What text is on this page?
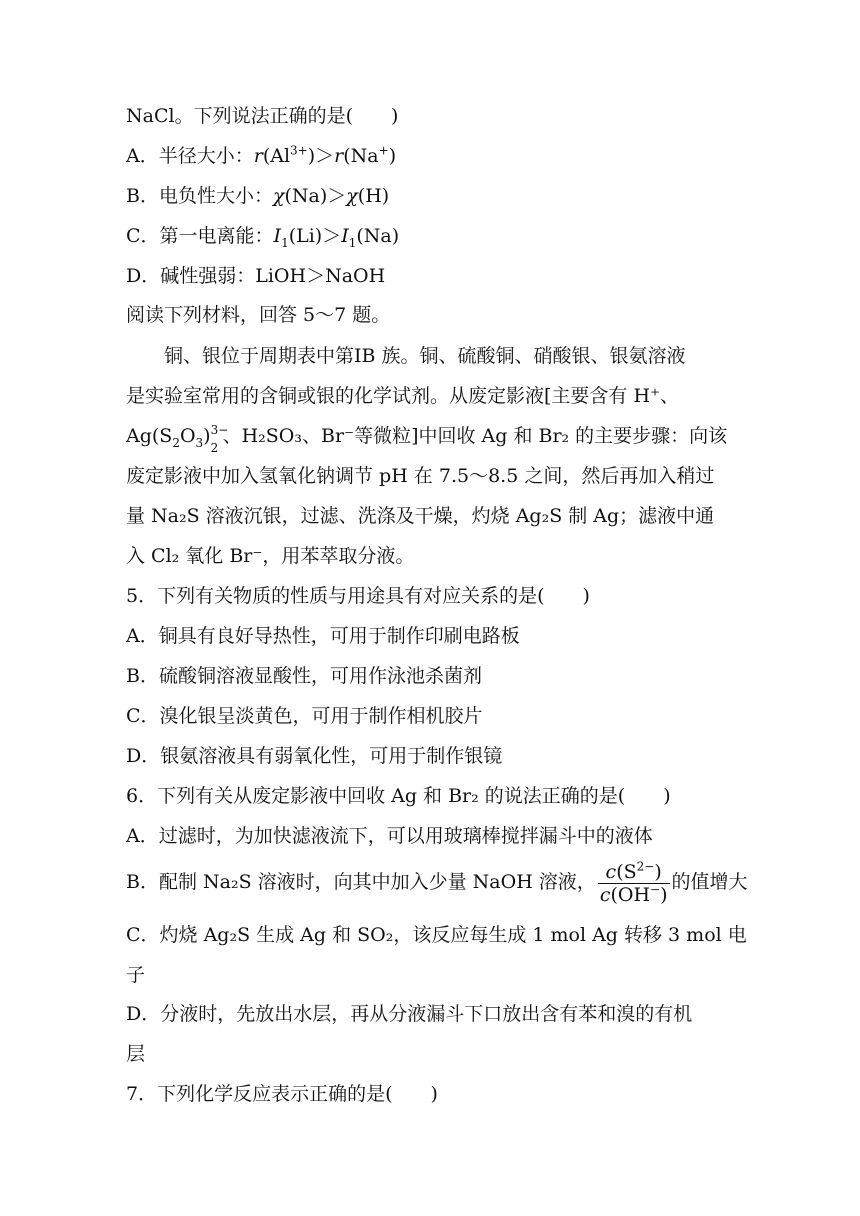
NaCl。下列说法正确的是(　　)
A．半径大小：$r(Al^{3+})>r(Na^+)$
B．电负性大小：χ(Na)＞χ(H)
C．第一电离能：$I_1(Li)>I_1(Na)$
D．碱性强弱：LiOH＞NaOH
阅读下列材料，回答 5～7 题。
铜、银位于周期表中第ⅠB 族。铜、硫酸铜、硝酸银、银氨溶液
是实验室常用的含铜或银的化学试剂。从废定影液[主要含有 H⁺、
$Ag(S_2O_3)$ 3−
2
、H₂SO₃、Br⁻等微粒]中回收 Ag 和 Br₂ 的主要步骤：向该
废定影液中加入氢氧化钠调节 pH 在 7.5～8.5 之间，然后再加入稍过
量 Na₂S 溶液沉银，过滤、洗涤及干燥，灼烧 Ag₂S 制 Ag；滤液中通
入 Cl₂ 氧化 Br⁻，用苯萃取分液。
5．下列有关物质的性质与用途具有对应关系的是(　　)
A．铜具有良好导热性，可用于制作印刷电路板
B．硫酸铜溶液显酸性，可用作泳池杀菌剂
C．溴化银呈淡黄色，可用于制作相机胶片
D．银氨溶液具有弱氧化性，可用于制作银镜
6．下列有关从废定影液中回收 Ag 和 Br₂ 的说法正确的是(　　)
A．过滤时，为加快滤液流下，可以用玻璃棒搅拌漏斗中的液体
B．配制 Na₂S 溶液时，向其中加入少量 NaOH 溶液， $\frac{c(S^{2-})}{c(OH^-)}$ 的值增大
C．灼烧 Ag₂S 生成 Ag 和 SO₂，该反应每生成 1 mol Ag 转移 3 mol 电
子
D．分液时，先放出水层，再从分液漏斗下口放出含有苯和溴的有机
层
7．下列化学反应表示正确的是(　　)
